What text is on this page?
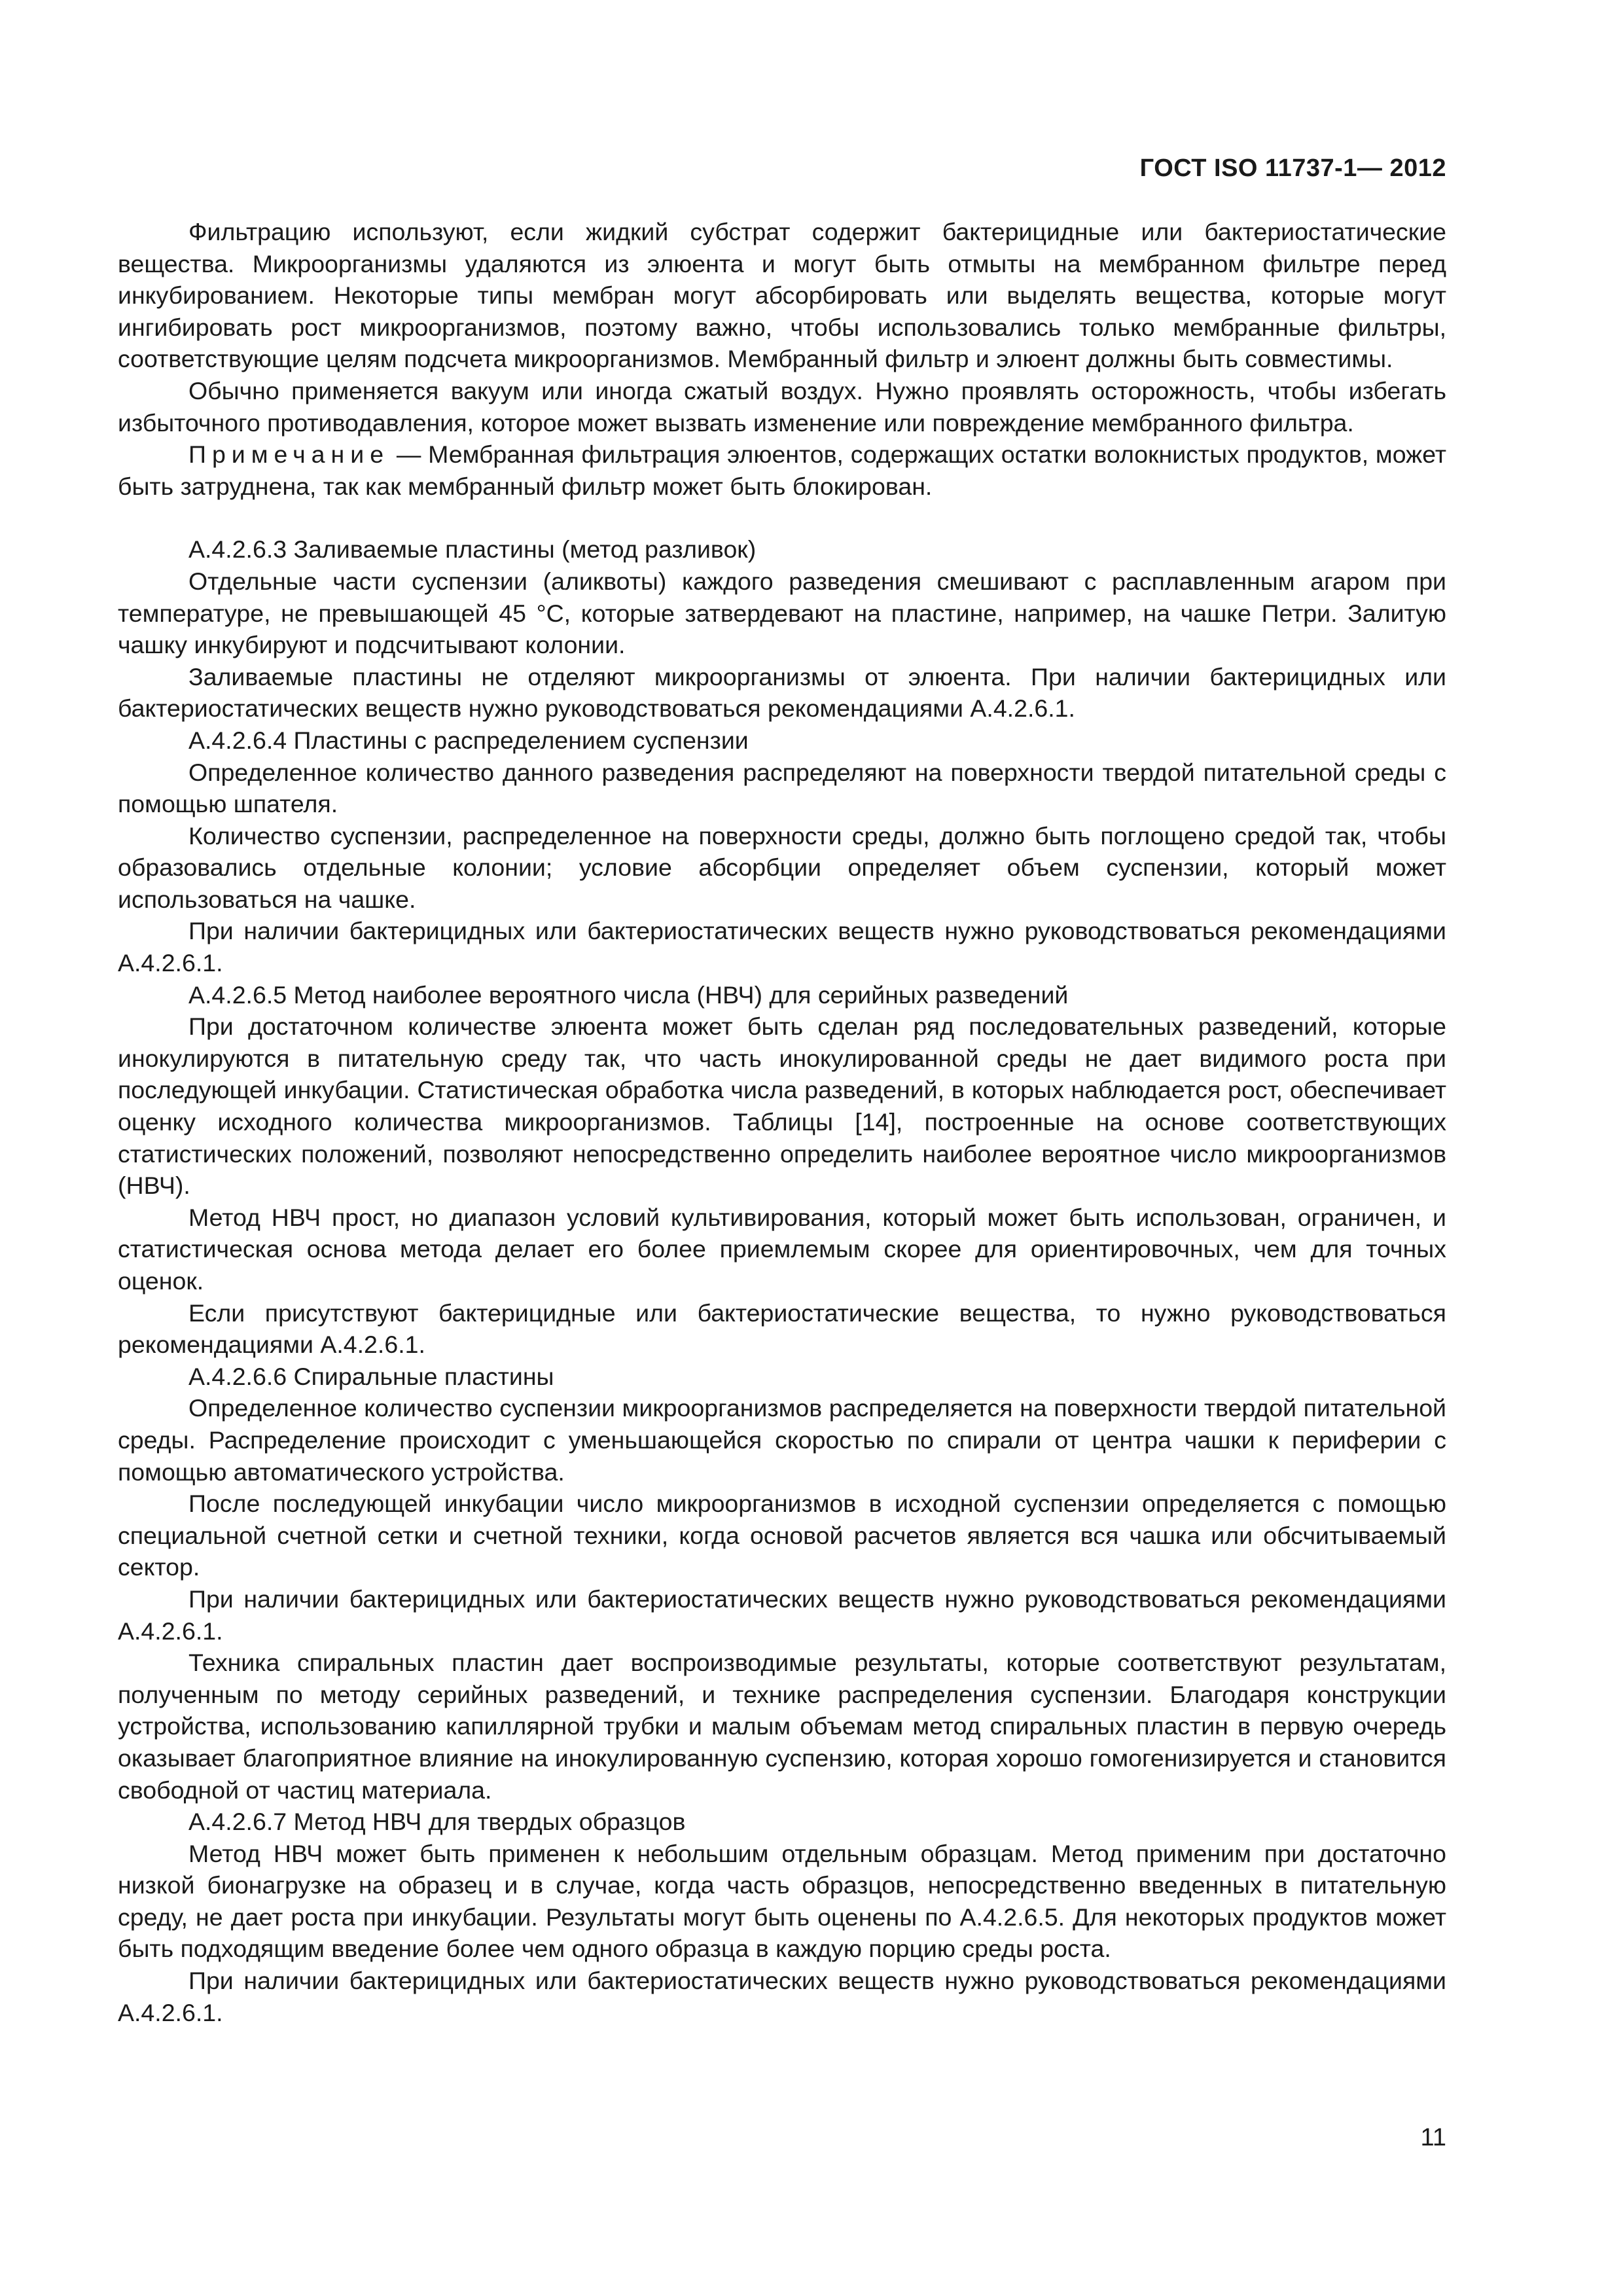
ГОСТ ISO 11737-1— 2012

Фильтрацию используют, если жидкий субстрат содержит бактерицидные или бактериостатические вещества. Микроорганизмы удаляются из элюента и могут быть отмыты на мембранном фильтре перед инкубированием. Некоторые типы мембран могут абсорбировать или выделять вещества, которые могут ингибировать рост микроорганизмов, поэтому важно, чтобы использовались только мембранные фильтры, соответствующие целям подсчета микроорганизмов. Мембранный фильтр и элюент должны быть совместимы.

Обычно применяется вакуум или иногда сжатый воздух. Нужно проявлять осторожность, чтобы избегать избыточного противодавления, которое может вызвать изменение или повреждение мембранного фильтра.

Примечание — Мембранная фильтрация элюентов, содержащих остатки волокнистых продуктов, может быть затруднена, так как мембранный фильтр может быть блокирован.

А.4.2.6.3 Заливаемые пластины (метод разливок)

Отдельные части суспензии (аликвоты) каждого разведения смешивают с расплавленным агаром при температуре, не превышающей 45 °С, которые затвердевают на пластине, например, на чашке Петри. Залитую чашку инкубируют и подсчитывают колонии.

Заливаемые пластины не отделяют микроорганизмы от элюента. При наличии бактерицидных или бактериостатических веществ нужно руководствоваться рекомендациями А.4.2.6.1.

А.4.2.6.4 Пластины с распределением суспензии

Определенное количество данного разведения распределяют на поверхности твердой питательной среды с помощью шпателя.

Количество суспензии, распределенное на поверхности среды, должно быть поглощено средой так, чтобы образовались отдельные колонии; условие абсорбции определяет объем суспензии, который может использоваться на чашке.

При наличии бактерицидных или бактериостатических веществ нужно руководствоваться рекомендациями А.4.2.6.1.

А.4.2.6.5 Метод наиболее вероятного числа (НВЧ) для серийных разведений

При достаточном количестве элюента может быть сделан ряд последовательных разведений, которые инокулируются в питательную среду так, что часть инокулированной среды не дает видимого роста при последующей инкубации. Статистическая обработка числа разведений, в которых наблюдается рост, обеспечивает оценку исходного количества микроорганизмов. Таблицы [14], построенные на основе соответствующих статистических положений, позволяют непосредственно определить наиболее вероятное число микроорганизмов (НВЧ).

Метод НВЧ прост, но диапазон условий культивирования, который может быть использован, ограничен, и статистическая основа метода делает его более приемлемым скорее для ориентировочных, чем для точных оценок.

Если присутствуют бактерицидные или бактериостатические вещества, то нужно руководствоваться рекомендациями А.4.2.6.1.

А.4.2.6.6 Спиральные пластины

Определенное количество суспензии микроорганизмов распределяется на поверхности твердой питательной среды. Распределение происходит с уменьшающейся скоростью по спирали от центра чашки к периферии с помощью автоматического устройства.

После последующей инкубации число микроорганизмов в исходной суспензии определяется с помощью специальной счетной сетки и счетной техники, когда основой расчетов является вся чашка или обсчитываемый сектор.

При наличии бактерицидных или бактериостатических веществ нужно руководствоваться рекомендациями А.4.2.6.1.

Техника спиральных пластин дает воспроизводимые результаты, которые соответствуют результатам, полученным по методу серийных разведений, и технике распределения суспензии. Благодаря конструкции устройства, использованию капиллярной трубки и малым объемам метод спиральных пластин в первую очередь оказывает благоприятное влияние на инокулированную суспензию, которая хорошо гомогенизируется и становится свободной от частиц материала.

А.4.2.6.7 Метод НВЧ для твердых образцов

Метод НВЧ может быть применен к небольшим отдельным образцам. Метод применим при достаточно низкой бионагрузке на образец и в случае, когда часть образцов, непосредственно введенных в питательную среду, не дает роста при инкубации. Результаты могут быть оценены по А.4.2.6.5. Для некоторых продуктов может быть подходящим введение более чем одного образца в каждую порцию среды роста.

При наличии бактерицидных или бактериостатических веществ нужно руководствоваться рекомендациями А.4.2.6.1.

11
